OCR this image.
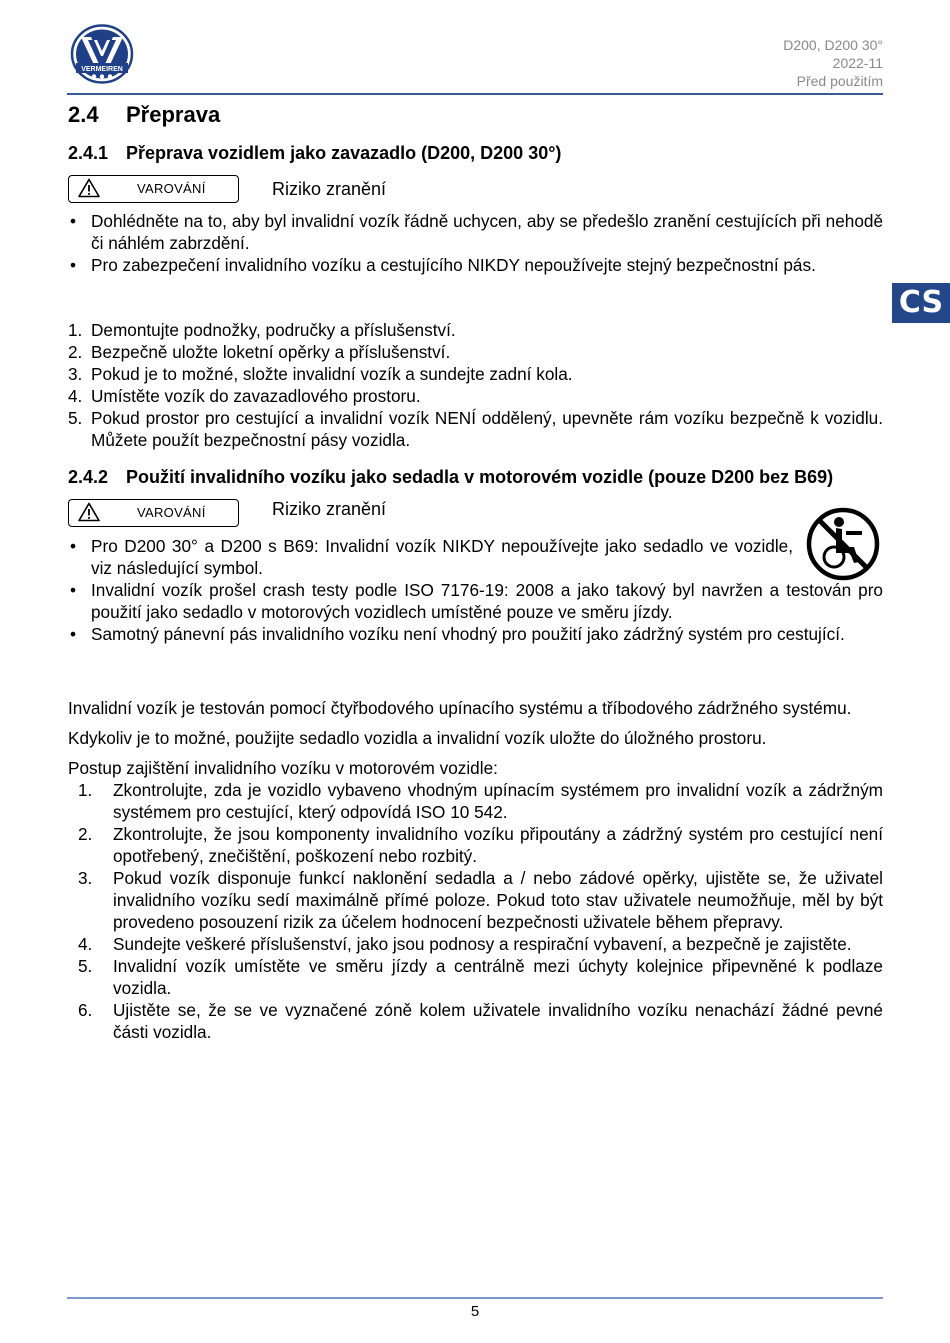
VERMEIREN
D200, D200 30°
2022-11
Před použitím
CS
2.4 Přeprava
2.4.1 Přeprava vozidlem jako zavazadlo (D200, D200 30°)
VAROVÁNÍ	Riziko zranění
• Dohlédněte na to, aby byl invalidní vozík řádně uchycen, aby se předešlo zranění cestujících při nehodě či náhlém zabrzdění.
• Pro zabezpečení invalidního vozíku a cestujícího NIKDY nepoužívejte stejný bezpečnostní pás.
1. Demontujte podnožky, područky a příslušenství.
2. Bezpečně uložte loketní opěrky a příslušenství.
3. Pokud je to možné, složte invalidní vozík a sundejte zadní kola.
4. Umístěte vozík do zavazadlového prostoru.
5. Pokud prostor pro cestující a invalidní vozík NENÍ oddělený, upevněte rám vozíku bezpečně k vozidlu. Můžete použít bezpečnostní pásy vozidla.
2.4.2 Použití invalidního vozíku jako sedadla v motorovém vozidle (pouze D200 bez B69)
VAROVÁNÍ	Riziko zranění
• Pro D200 30° a D200 s B69: Invalidní vozík NIKDY nepoužívejte jako sedadlo ve vozidle, viz následující symbol.
• Invalidní vozík prošel crash testy podle ISO 7176-19: 2008 a jako takový byl navržen a testován pro použití jako sedadlo v motorových vozidlech umístěné pouze ve směru jízdy.
• Samotný pánevní pás invalidního vozíku není vhodný pro použití jako zádržný systém pro cestující.

Invalidní vozík je testován pomocí čtyřbodového upínacího systému a tříbodového zádržného systému.

Kdykoliv je to možné, použijte sedadlo vozidla a invalidní vozík uložte do úložného prostoru.

Postup zajištění invalidního vozíku v motorovém vozidle:

1. Zkontrolujte, zda je vozidlo vybaveno vhodným upínacím systémem pro invalidní vozík a zádržným systémem pro cestující, který odpovídá ISO 10 542.
2. Zkontrolujte, že jsou komponenty invalidního vozíku připoutány a zádržný systém pro cestující není opotřebený, znečištění, poškození nebo rozbitý.
3. Pokud vozík disponuje funkcí naklonění sedadla a / nebo zádové opěrky, ujistěte se, že uživatel invalidního vozíku sedí maximálně přímé poloze. Pokud toto stav uživatele neumožňuje, měl by být provedeno posouzení rizik za účelem hodnocení bezpečnosti uživatele během přepravy.
4. Sundejte veškeré příslušenství, jako jsou podnosy a respirační vybavení, a bezpečně je zajistěte.
5. Invalidní vozík umístěte ve směru jízdy a centrálně mezi úchyty kolejnice připevněné k podlaze vozidla.
6. Ujistěte se, že se ve vyznačené zóně kolem uživatele invalidního vozíku nenachází žádné pevné části vozidla.
5
